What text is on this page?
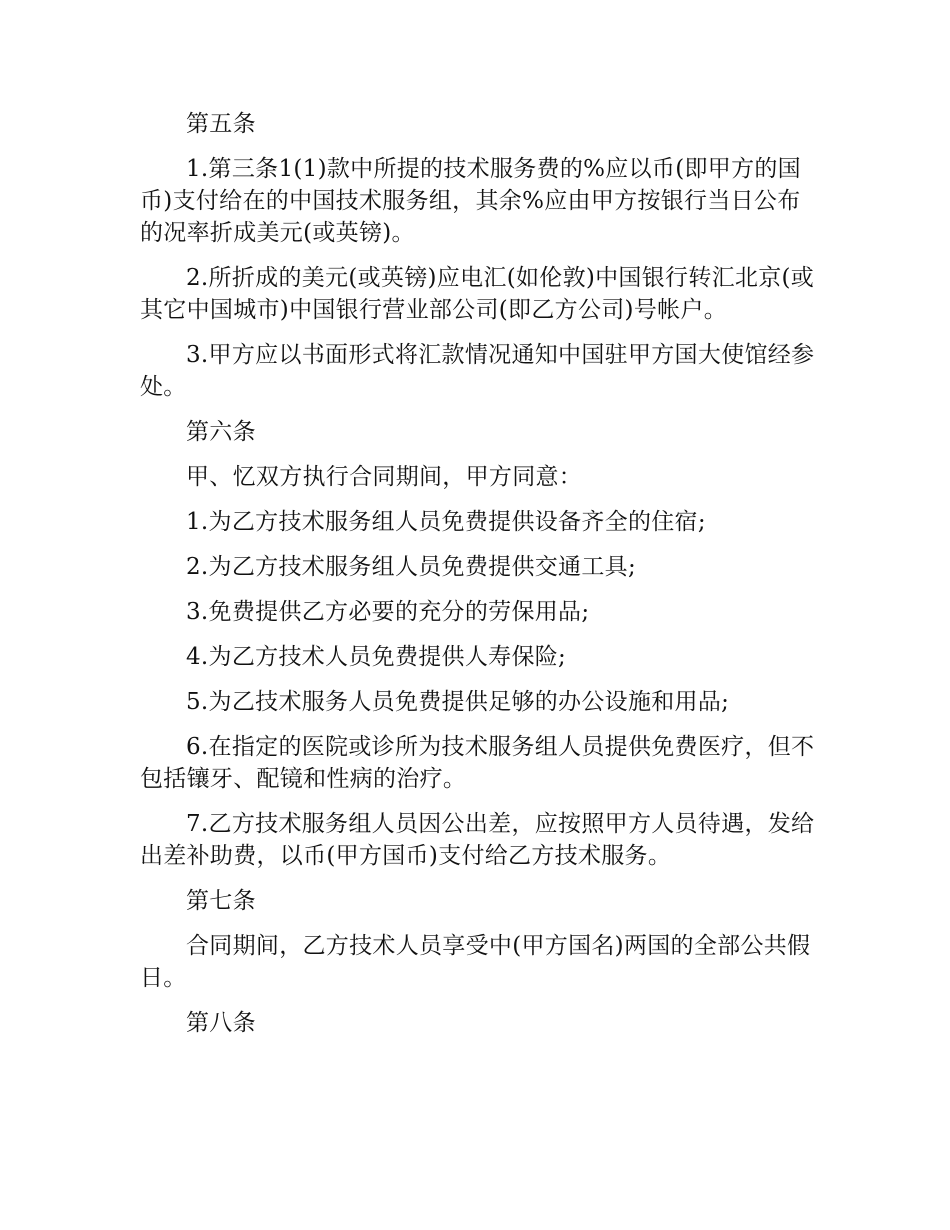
第五条

1.第三条1(1)款中所提的技术服务费的%应以币(即甲方的国币)支付给在的中国技术服务组，其余%应由甲方按银行当日公布的况率折成美元(或英镑)。

2.所折成的美元(或英镑)应电汇(如伦敦)中国银行转汇北京(或其它中国城市)中国银行营业部公司(即乙方公司)号帐户。

3.甲方应以书面形式将汇款情况通知中国驻甲方国大使馆经参处。

第六条

甲、忆双方执行合同期间，甲方同意：

1.为乙方技术服务组人员免费提供设备齐全的住宿;

2.为乙方技术服务组人员免费提供交通工具;

3.免费提供乙方必要的充分的劳保用品;

4.为乙方技术人员免费提供人寿保险;

5.为乙技术服务人员免费提供足够的办公设施和用品;

6.在指定的医院或诊所为技术服务组人员提供免费医疗，但不包括镶牙、配镜和性病的治疗。

7.乙方技术服务组人员因公出差，应按照甲方人员待遇，发给出差补助费，以币(甲方国币)支付给乙方技术服务。

第七条

合同期间，乙方技术人员享受中(甲方国名)两国的全部公共假日。

第八条
